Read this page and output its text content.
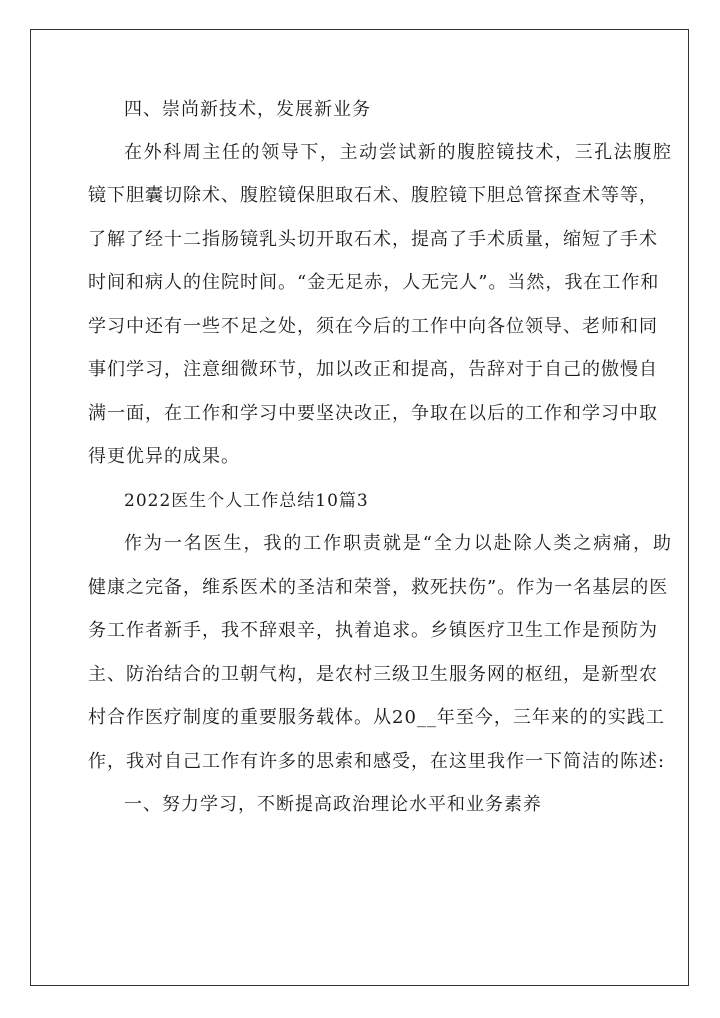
四、崇尚新技术，发展新业务
在外科周主任的领导下，主动尝试新的腹腔镜技术，三孔法腹腔
镜下胆囊切除术、腹腔镜保胆取石术、腹腔镜下胆总管探查术等等，
了解了经十二指肠镜乳头切开取石术，提高了手术质量，缩短了手术
时间和病人的住院时间。“金无足赤，人无完人”。当然，我在工作和
学习中还有一些不足之处，须在今后的工作中向各位领导、老师和同
事们学习，注意细微环节，加以改正和提高，告辞对于自己的傲慢自
满一面，在工作和学习中要坚决改正，争取在以后的工作和学习中取
得更优异的成果。
2022医生个人工作总结10篇3
作为一名医生，我的工作职责就是“全力以赴除人类之病痛，助
健康之完备，维系医术的圣洁和荣誉，救死扶伤”。作为一名基层的医
务工作者新手，我不辞艰辛，执着追求。乡镇医疗卫生工作是预防为
主、防治结合的卫朝气构，是农村三级卫生服务网的枢纽，是新型农
村合作医疗制度的重要服务载体。从20__年至今，三年来的的实践工
作，我对自己工作有许多的思索和感受，在这里我作一下简洁的陈述:
一、努力学习，不断提高政治理论水平和业务素养
